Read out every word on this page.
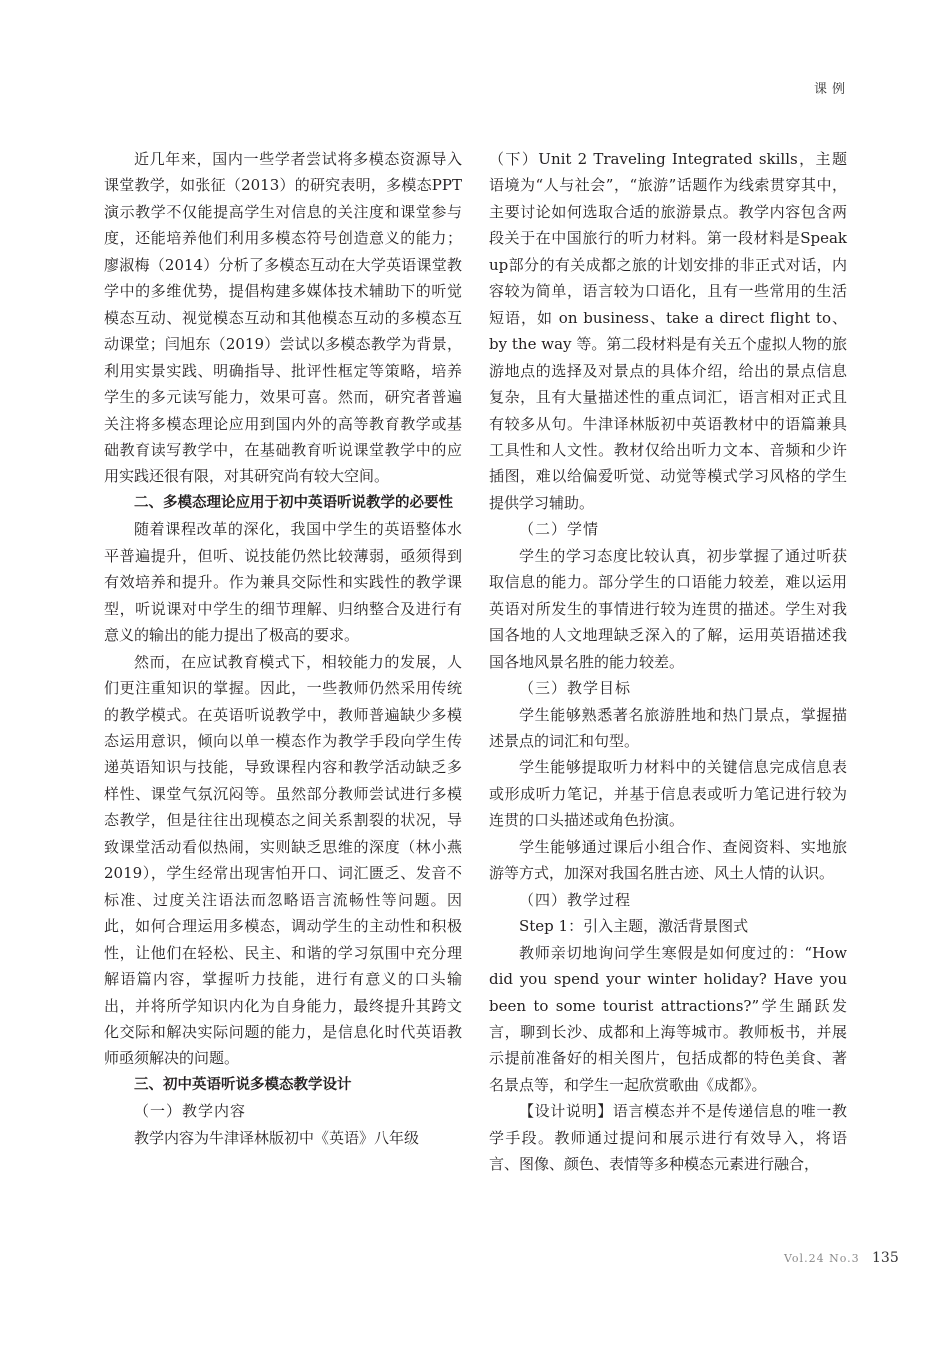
课例

近几年来，国内一些学者尝试将多模态资源导入课堂教学，如张征（2013）的研究表明，多模态PPT演示教学不仅能提高学生对信息的关注度和课堂参与度，还能培养他们利用多模态符号创造意义的能力；廖淑梅（2014）分析了多模态互动在大学英语课堂教学中的多维优势，提倡构建多媒体技术辅助下的听觉模态互动、视觉模态互动和其他模态互动的多模态互动课堂；闫旭东（2019）尝试以多模态教学为背景，利用实景实践、明确指导、批评性框定等策略，培养学生的多元读写能力，效果可喜。然而，研究者普遍关注将多模态理论应用到国内外的高等教育教学或基础教育读写教学中，在基础教育听说课堂教学中的应用实践还很有限，对其研究尚有较大空间。

二、多模态理论应用于初中英语听说教学的必要性

随着课程改革的深化，我国中学生的英语整体水平普遍提升，但听、说技能仍然比较薄弱，亟须得到有效培养和提升。作为兼具交际性和实践性的教学课型，听说课对中学生的细节理解、归纳整合及进行有意义的输出的能力提出了极高的要求。

然而，在应试教育模式下，相较能力的发展，人们更注重知识的掌握。因此，一些教师仍然采用传统的教学模式。在英语听说教学中，教师普遍缺少多模态运用意识，倾向以单一模态作为教学手段向学生传递英语知识与技能，导致课程内容和教学活动缺乏多样性、课堂气氛沉闷等。虽然部分教师尝试进行多模态教学，但是往往出现模态之间关系割裂的状况，导致课堂活动看似热闹，实则缺乏思维的深度（林小燕 2019），学生经常出现害怕开口、词汇匮乏、发音不标准、过度关注语法而忽略语言流畅性等问题。因此，如何合理运用多模态，调动学生的主动性和积极性，让他们在轻松、民主、和谐的学习氛围中充分理解语篇内容，掌握听力技能，进行有意义的口头输出，并将所学知识内化为自身能力，最终提升其跨文化交际和解决实际问题的能力，是信息化时代英语教师亟须解决的问题。

三、初中英语听说多模态教学设计

（一）教学内容

教学内容为牛津译林版初中《英语》八年级

（下）Unit 2 Traveling Integrated skills，主题语境为“人与社会”，“旅游”话题作为线索贯穿其中，主要讨论如何选取合适的旅游景点。教学内容包含两段关于在中国旅行的听力材料。第一段材料是Speak up部分的有关成都之旅的计划安排的非正式对话，内容较为简单，语言较为口语化，且有一些常用的生活短语，如 on business、take a direct flight to、by the way 等。第二段材料是有关五个虚拟人物的旅游地点的选择及对景点的具体介绍，给出的景点信息复杂，且有大量描述性的重点词汇，语言相对正式且有较多从句。牛津译林版初中英语教材中的语篇兼具工具性和人文性。教材仅给出听力文本、音频和少许插图，难以给偏爱听觉、动觉等模式学习风格的学生提供学习辅助。

（二）学情

学生的学习态度比较认真，初步掌握了通过听获取信息的能力。部分学生的口语能力较差，难以运用英语对所发生的事情进行较为连贯的描述。学生对我国各地的人文地理缺乏深入的了解，运用英语描述我国各地风景名胜的能力较差。

（三）教学目标

学生能够熟悉著名旅游胜地和热门景点，掌握描述景点的词汇和句型。

学生能够提取听力材料中的关键信息完成信息表或形成听力笔记，并基于信息表或听力笔记进行较为连贯的口头描述或角色扮演。

学生能够通过课后小组合作、查阅资料、实地旅游等方式，加深对我国名胜古迹、风土人情的认识。

（四）教学过程

Step 1：引入主题，激活背景图式

教师亲切地询问学生寒假是如何度过的：“How did you spend your winter holiday? Have you been to some tourist attractions?”学生踊跃发言，聊到长沙、成都和上海等城市。教师板书，并展示提前准备好的相关图片，包括成都的特色美食、著名景点等，和学生一起欣赏歌曲《成都》。

【设计说明】语言模态并不是传递信息的唯一教学手段。教师通过提问和展示进行有效导入，将语言、图像、颜色、表情等多种模态元素进行融合，

Vol.24 No.3 135
